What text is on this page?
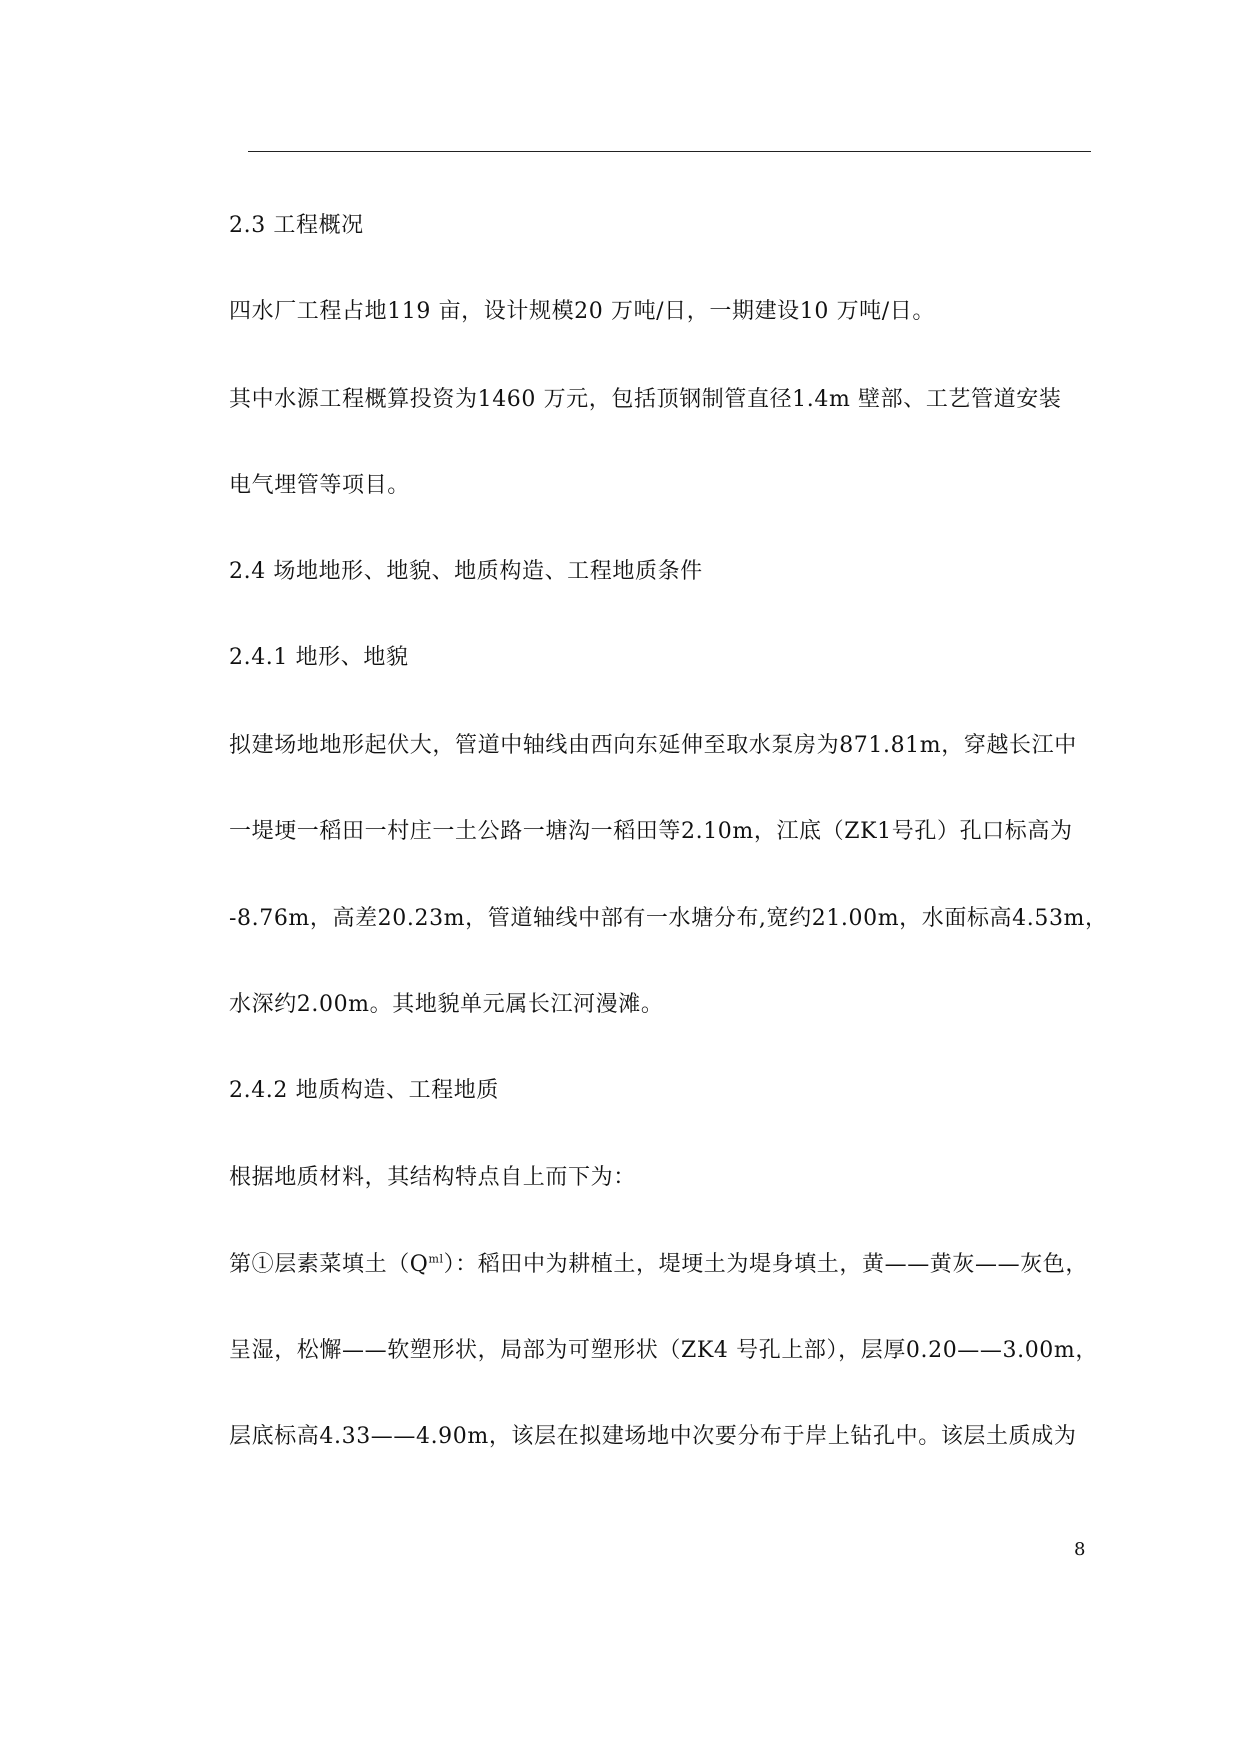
2.3 工程概况
四水厂工程占地119 亩，设计规模20 万吨/日，一期建设10 万吨/日。
其中水源工程概算投资为1460 万元，包括顶钢制管直径1.4m 壁部、工艺管道安装
电气埋管等项目。
2.4 场地地形、地貌、地质构造、工程地质条件
2.4.1 地形、地貌
拟建场地地形起伏大，管道中轴线由西向东延伸至取水泵房为871.81m，穿越长江中
一堤埂一稻田一村庄一土公路一塘沟一稻田等2.10m，江底（ZK1号孔）孔口标高为
-8.76m，高差20.23m，管道轴线中部有一水塘分布,宽约21.00m，水面标高4.53m，
水深约2.00m。其地貌单元属长江河漫滩。
2.4.2 地质构造、工程地质
根据地质材料，其结构特点自上而下为：
第①层素菜填土$(Q^{ml})$：稻田中为耕植土，堤埂土为堤身填土，黄——黄灰——灰色，
呈湿，松懈——软塑形状，局部为可塑形状（ZK4 号孔上部），层厚0.20——3.00m，
层底标高4.33——4.90m，该层在拟建场地中次要分布于岸上钻孔中。该层土质成为
8
